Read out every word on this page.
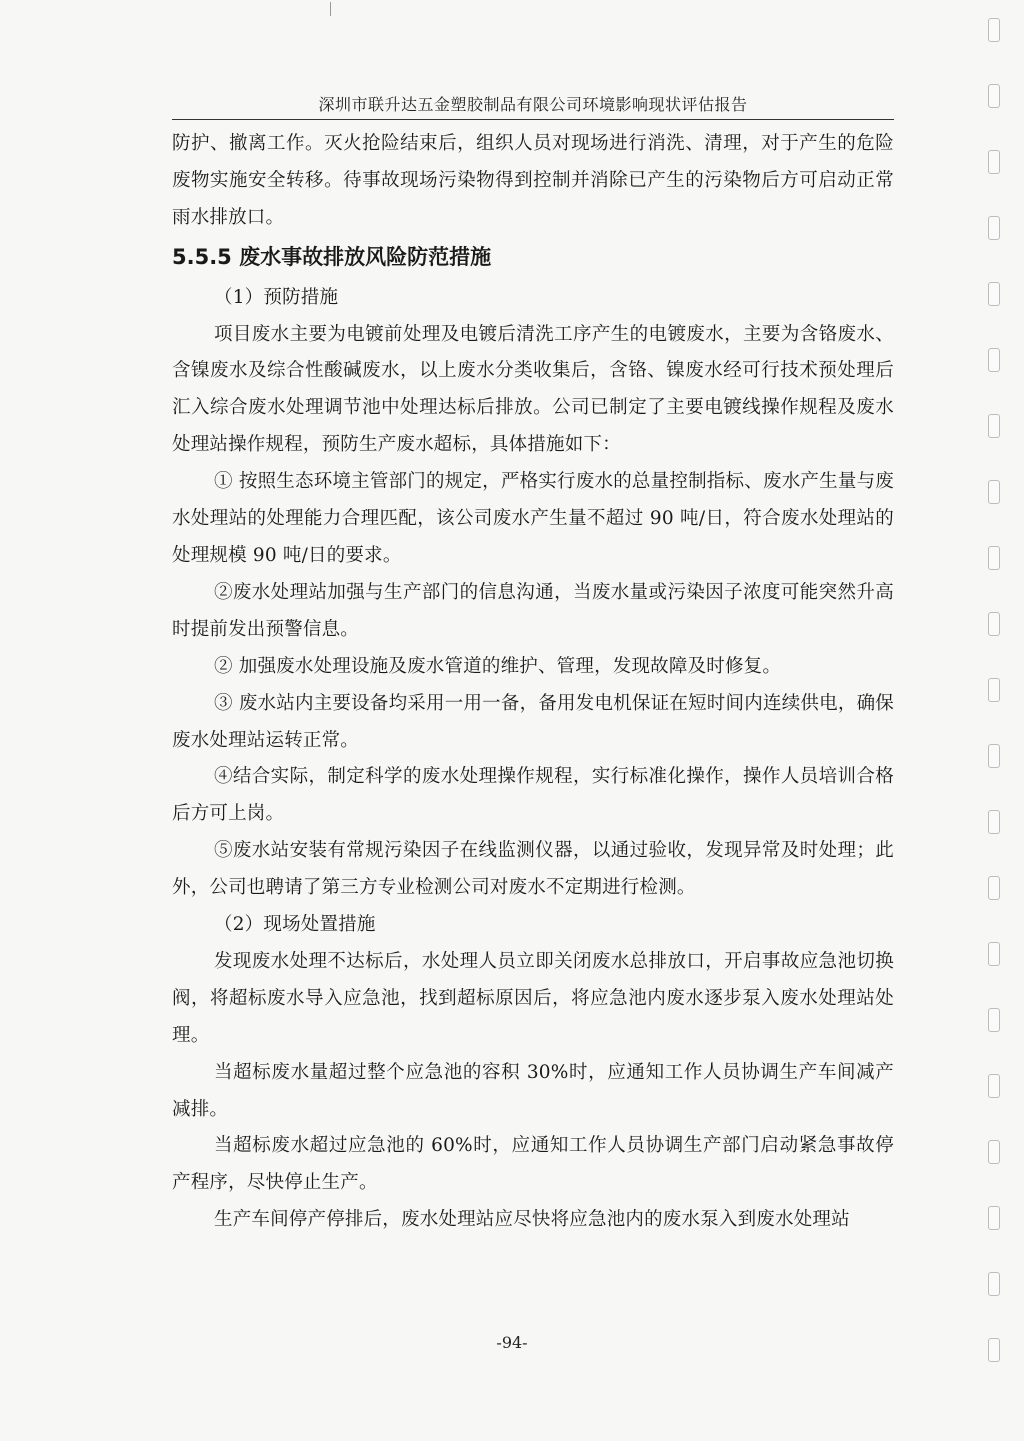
深圳市联升达五金塑胶制品有限公司环境影响现状评估报告

防护、撤离工作。灭火抢险结束后，组织人员对现场进行消洗、清理，对于产生的危险废物实施安全转移。待事故现场污染物得到控制并消除已产生的污染物后方可启动正常雨水排放口。

5.5.5 废水事故排放风险防范措施

（1）预防措施

项目废水主要为电镀前处理及电镀后清洗工序产生的电镀废水，主要为含铬废水、含镍废水及综合性酸碱废水，以上废水分类收集后，含铬、镍废水经可行技术预处理后汇入综合废水处理调节池中处理达标后排放。公司已制定了主要电镀线操作规程及废水处理站操作规程，预防生产废水超标，具体措施如下：

① 按照生态环境主管部门的规定，严格实行废水的总量控制指标、废水产生量与废水处理站的处理能力合理匹配，该公司废水产生量不超过 90 吨/日，符合废水处理站的处理规模 90 吨/日的要求。

②废水处理站加强与生产部门的信息沟通，当废水量或污染因子浓度可能突然升高时提前发出预警信息。

② 加强废水处理设施及废水管道的维护、管理，发现故障及时修复。

③ 废水站内主要设备均采用一用一备，备用发电机保证在短时间内连续供电，确保废水处理站运转正常。

④结合实际，制定科学的废水处理操作规程，实行标准化操作，操作人员培训合格后方可上岗。

⑤废水站安装有常规污染因子在线监测仪器，以通过验收，发现异常及时处理；此外，公司也聘请了第三方专业检测公司对废水不定期进行检测。

（2）现场处置措施

发现废水处理不达标后，水处理人员立即关闭废水总排放口，开启事故应急池切换阀，将超标废水导入应急池，找到超标原因后，将应急池内废水逐步泵入废水处理站处理。

当超标废水量超过整个应急池的容积 30%时，应通知工作人员协调生产车间减产减排。

当超标废水超过应急池的 60%时，应通知工作人员协调生产部门启动紧急事故停产程序，尽快停止生产。

生产车间停产停排后，废水处理站应尽快将应急池内的废水泵入到废水处理站

-94-
